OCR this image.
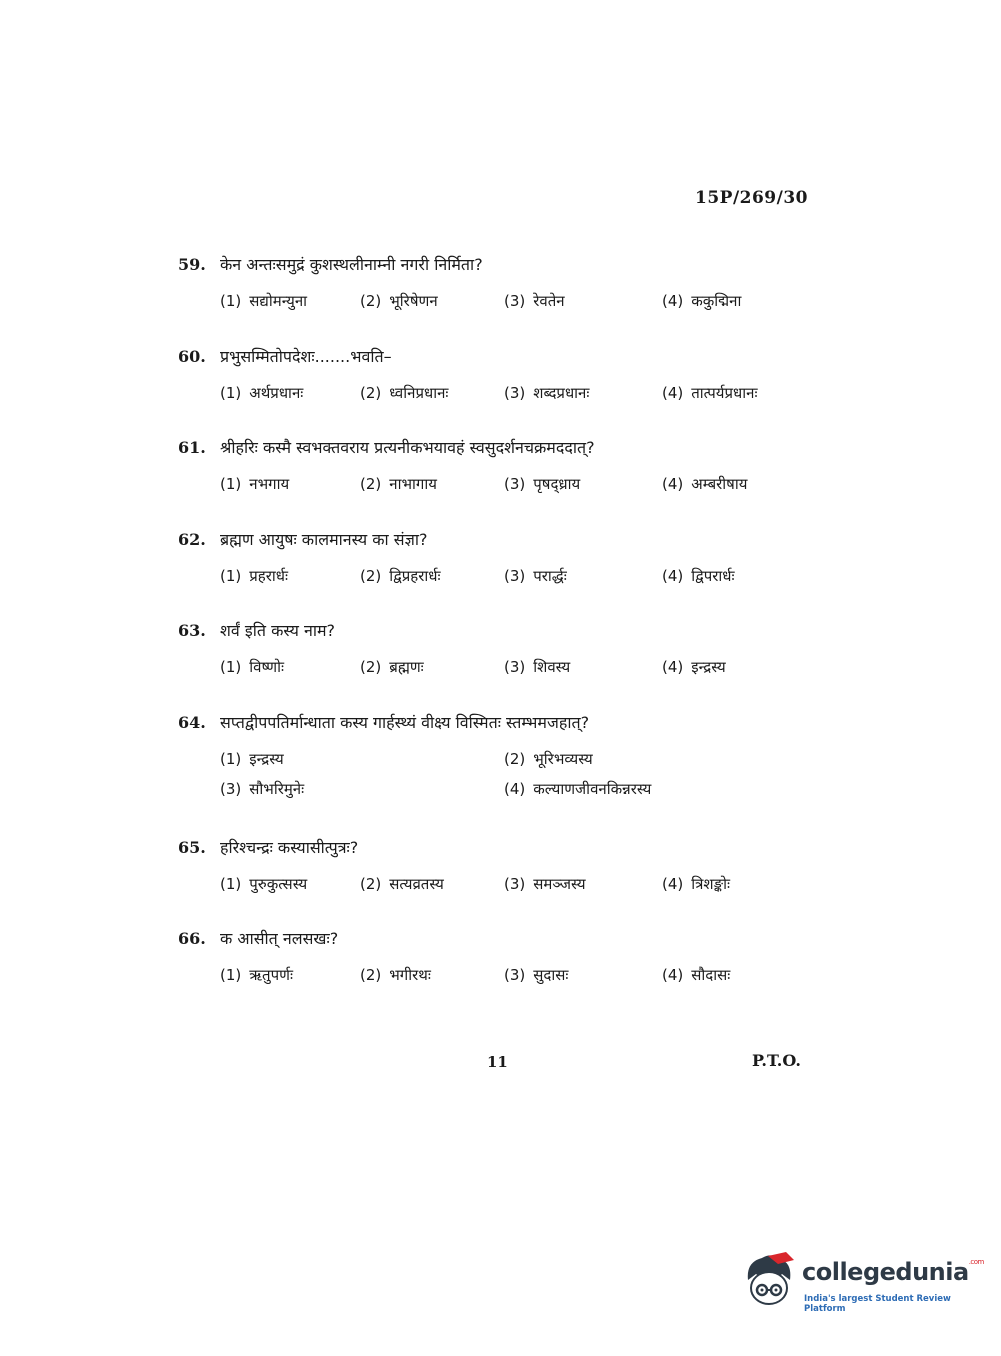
15P/269/30
59. केन अन्तःसमुद्रं कुशस्थलीनाम्नी नगरी निर्मिता?
(1) सद्योमन्युना	(2) भूरिषेणन	(3) रेवतेन	(4) ककुद्मिना
60. प्रभुसम्मितोपदेशः.......भवति–
(1) अर्थप्रधानः	(2) ध्वनिप्रधानः	(3) शब्दप्रधानः	(4) तात्पर्यप्रधानः
61. श्रीहरिः कस्मै स्वभक्तवराय प्रत्यनीकभयावहं स्वसुदर्शनचक्रमददात्?
(1) नभगाय	(2) नाभागाय	(3) पृषद्ध्राय	(4) अम्बरीषाय
62. ब्रह्मण आयुषः कालमानस्य का संज्ञा?
(1) प्रहरार्धः	(2) द्विप्रहरार्धः	(3) परार्द्धः	(4) द्विपरार्धः
63. शर्वं इति कस्य नाम?
(1) विष्णोः	(2) ब्रह्मणः	(3) शिवस्य	(4) इन्द्रस्य
64. सप्तद्वीपपतिर्मान्धाता कस्य गार्हस्थ्यं वीक्ष्य विस्मितः स्तम्भमजहात्?
(1) इन्द्रस्य	(2) भूरिभव्यस्य
(3) सौभरिमुनेः	(4) कल्याणजीवनकिन्नरस्य
65. हरिश्चन्द्रः कस्यासीत्पुत्रः?
(1) पुरुकुत्सस्य	(2) सत्यव्रतस्य	(3) समञ्जस्य	(4) त्रिशङ्कोः
66. क आसीत् नलसखः?
(1) ऋतुपर्णः	(2) भगीरथः	(3) सुदासः	(4) सौदासः
11	P.T.O.
collegedunia$^{.com}$
India's largest Student Review Platform
